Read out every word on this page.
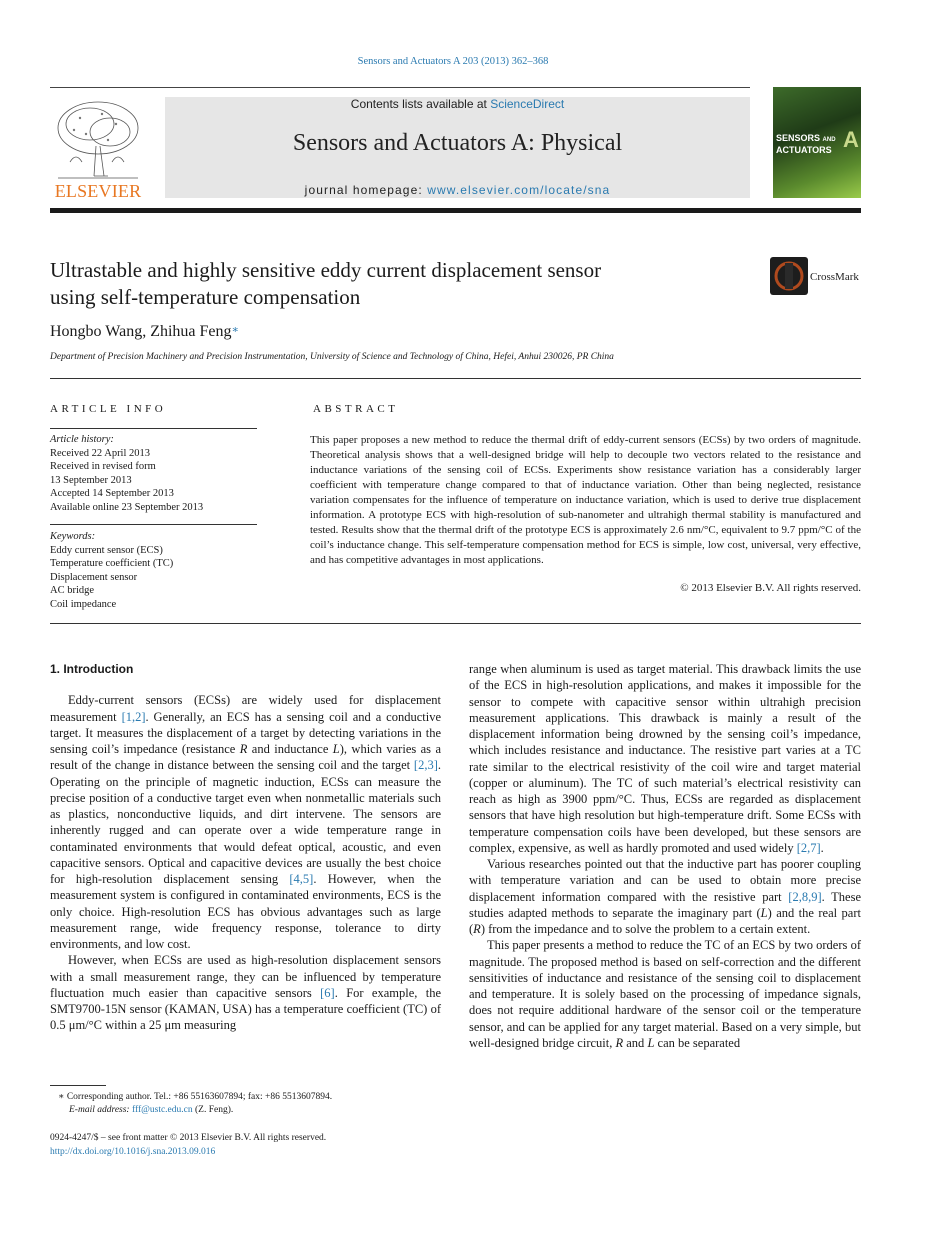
Sensors and Actuators A 203 (2013) 362–368
ELSEVIER
Contents lists available at ScienceDirect
Sensors and Actuators A: Physical
journal homepage: www.elsevier.com/locate/sna
SENSORS AND
ACTUATORS A
Ultrastable and highly sensitive eddy current displacement sensor
using self-temperature compensation
CrossMark
Hongbo Wang, Zhihua Feng∗
Department of Precision Machinery and Precision Instrumentation, University of Science and Technology of China, Hefei, Anhui 230026, PR China
ARTICLE INFO	ABSTRACT
Article history:
Received 22 April 2013
Received in revised form
13 September 2013
Accepted 14 September 2013
Available online 23 September 2013
Keywords:
Eddy current sensor (ECS)
Temperature coefficient (TC)
Displacement sensor
AC bridge
Coil impedance
This paper proposes a new method to reduce the thermal drift of eddy-current sensors (ECSs) by two orders of magnitude. Theoretical analysis shows that a well-designed bridge will help to decouple two vectors related to the resistance and inductance variations of the sensing coil of ECSs. Experiments show resistance variation has a considerably larger coefficient with temperature change compared to that of inductance variation. Other than being neglected, resistance variation compensates for the influence of temperature on inductance variation, which is used to derive true displacement information. A prototype ECS with high-resolution of sub-nanometer and ultrahigh thermal stability is manufactured and tested. Results show that the thermal drift of the prototype ECS is approximately 2.6 nm/°C, equivalent to 9.7 ppm/°C of the coil’s inductance change. This self-temperature compensation method for ECS is simple, low cost, universal, very effective, and has competitive advantages in most applications.
© 2013 Elsevier B.V. All rights reserved.
1. Introduction

Eddy-current sensors (ECSs) are widely used for displacement measurement [1,2]. Generally, an ECS has a sensing coil and a conductive target. It measures the displacement of a target by detecting variations in the sensing coil’s impedance (resistance R and inductance L), which varies as a result of the change in distance between the sensing coil and the target [2,3]. Operating on the principle of magnetic induction, ECSs can measure the precise position of a conductive target even when nonmetallic materials such as plastics, nonconductive liquids, and dirt intervene. The sensors are inherently rugged and can operate over a wide temperature range in contaminated environments that would defeat optical, acoustic, and even capacitive sensors. Optical and capacitive devices are usually the best choice for high-resolution displacement sensing [4,5]. However, when the measurement system is configured in contaminated environments, ECS is the only choice. High-resolution ECS has obvious advantages such as large measurement range, wide frequency response, tolerance to dirty environments, and low cost.

However, when ECSs are used as high-resolution displacement sensors with a small measurement range, they can be influenced by temperature fluctuation much easier than capacitive sensors [6]. For example, the SMT9700-15N sensor (KAMAN, USA) has a temperature coefficient (TC) of 0.5 μm/°C within a 25 μm measuring

range when aluminum is used as target material. This drawback limits the use of the ECS in high-resolution applications, and makes it impossible for the sensor to compete with capacitive sensor within ultrahigh precision measurement applications. This drawback is mainly a result of the displacement information being drowned by the sensing coil’s impedance, which includes resistance and inductance. The resistive part varies at a TC rate similar to the electrical resistivity of the coil wire and target material (copper or aluminum). The TC of such material’s electrical resistivity can reach as high as 3900 ppm/°C. Thus, ECSs are regarded as displacement sensors that have high resolution but high-temperature drift. Some ECSs with temperature compensation coils have been developed, but these sensors are complex, expensive, as well as hardly promoted and used widely [2,7].

Various researches pointed out that the inductive part has poorer coupling with temperature variation and can be used to obtain more precise displacement information compared with the resistive part [2,8,9]. These studies adapted methods to separate the imaginary part (L) and the real part (R) from the impedance and to solve the problem to a certain extent.

This paper presents a method to reduce the TC of an ECS by two orders of magnitude. The proposed method is based on self-correction and the different sensitivities of inductance and resistance of the sensing coil to displacement and temperature. It is solely based on the processing of impedance signals, does not require additional hardware of the sensor coil or the temperature sensor, and can be applied for any target material. Based on a very simple, but well-designed bridge circuit, R and L can be separated

∗ Corresponding author. Tel.: +86 55163607894; fax: +86 5513607894.
E-mail address: fff@ustc.edu.cn (Z. Feng).
0924-4247/$ – see front matter © 2013 Elsevier B.V. All rights reserved.
http://dx.doi.org/10.1016/j.sna.2013.09.016
